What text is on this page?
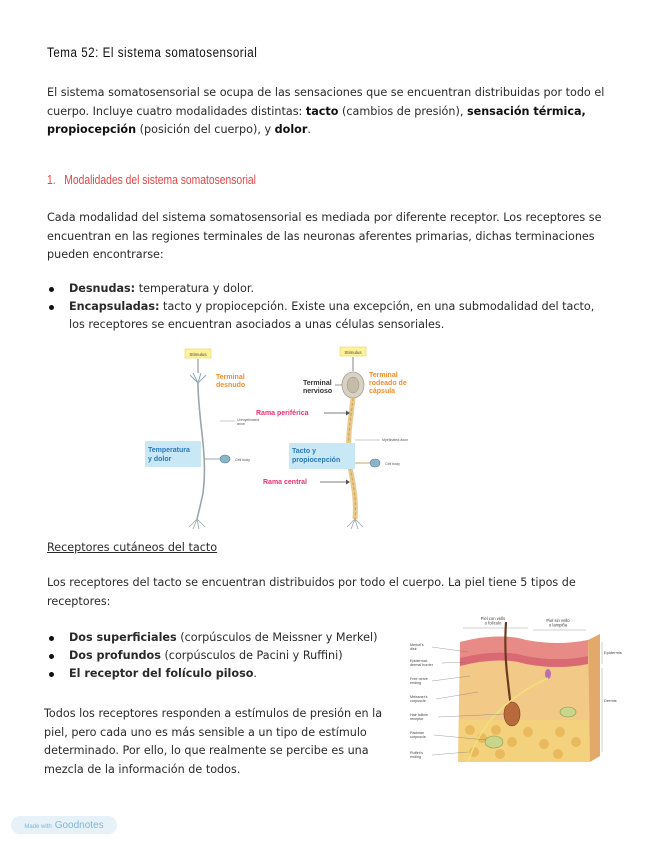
Tema 52: El sistema somatosensorial
El sistema somatosensorial se ocupa de las sensaciones que se encuentran distribuidas por todo el cuerpo. Incluye cuatro modalidades distintas: tacto (cambios de presión), sensación térmica, propiocepción (posición del cuerpo), y dolor.
1. Modalidades del sistema somatosensorial
Cada modalidad del sistema somatosensorial es mediada por diferente receptor. Los receptores se encuentran en las regiones terminales de las neuronas aferentes primarias, dichas terminaciones pueden encontrarse:
Desnudas: temperatura y dolor.
Encapsuladas: tacto y propiocepción. Existe una excepción, en una submodalidad del tacto, los receptores se encuentran asociados a unas células sensoriales.
Stimulus
Terminal desnudo
Unmyelinated axon
Cell body
Temperatura y dolor
Stimulus
Terminal rodeado de cápsula
Terminal nervioso
Rama periférica
Myelinated axon
Cell body
Tacto y propiocepción
Rama central
Receptores cutáneos del tacto
Los receptores del tacto se encuentran distribuidos por todo el cuerpo. La piel tiene 5 tipos de receptores:
Dos superficiales (corpúsculos de Meissner y Merkel)
Dos profundos (corpúsculos de Pacini y Ruffini)
El receptor del folículo piloso.
Todos los receptores responden a estímulos de presión en la piel, pero cada uno es más sensible a un tipo de estímulo determinado. Por ello, lo que realmente se percibe es una mezcla de la información de todos.
Piel con vello o folículo	Piel sin vello o lampiña
Merkel's disk
Epidermal-dermal border
Free nerve ending
Meissner's corpuscle
Hair follicle receptor
Pacinian corpuscle
Ruffini's ending
Epidermis
Dermis
Made with Goodnotes
